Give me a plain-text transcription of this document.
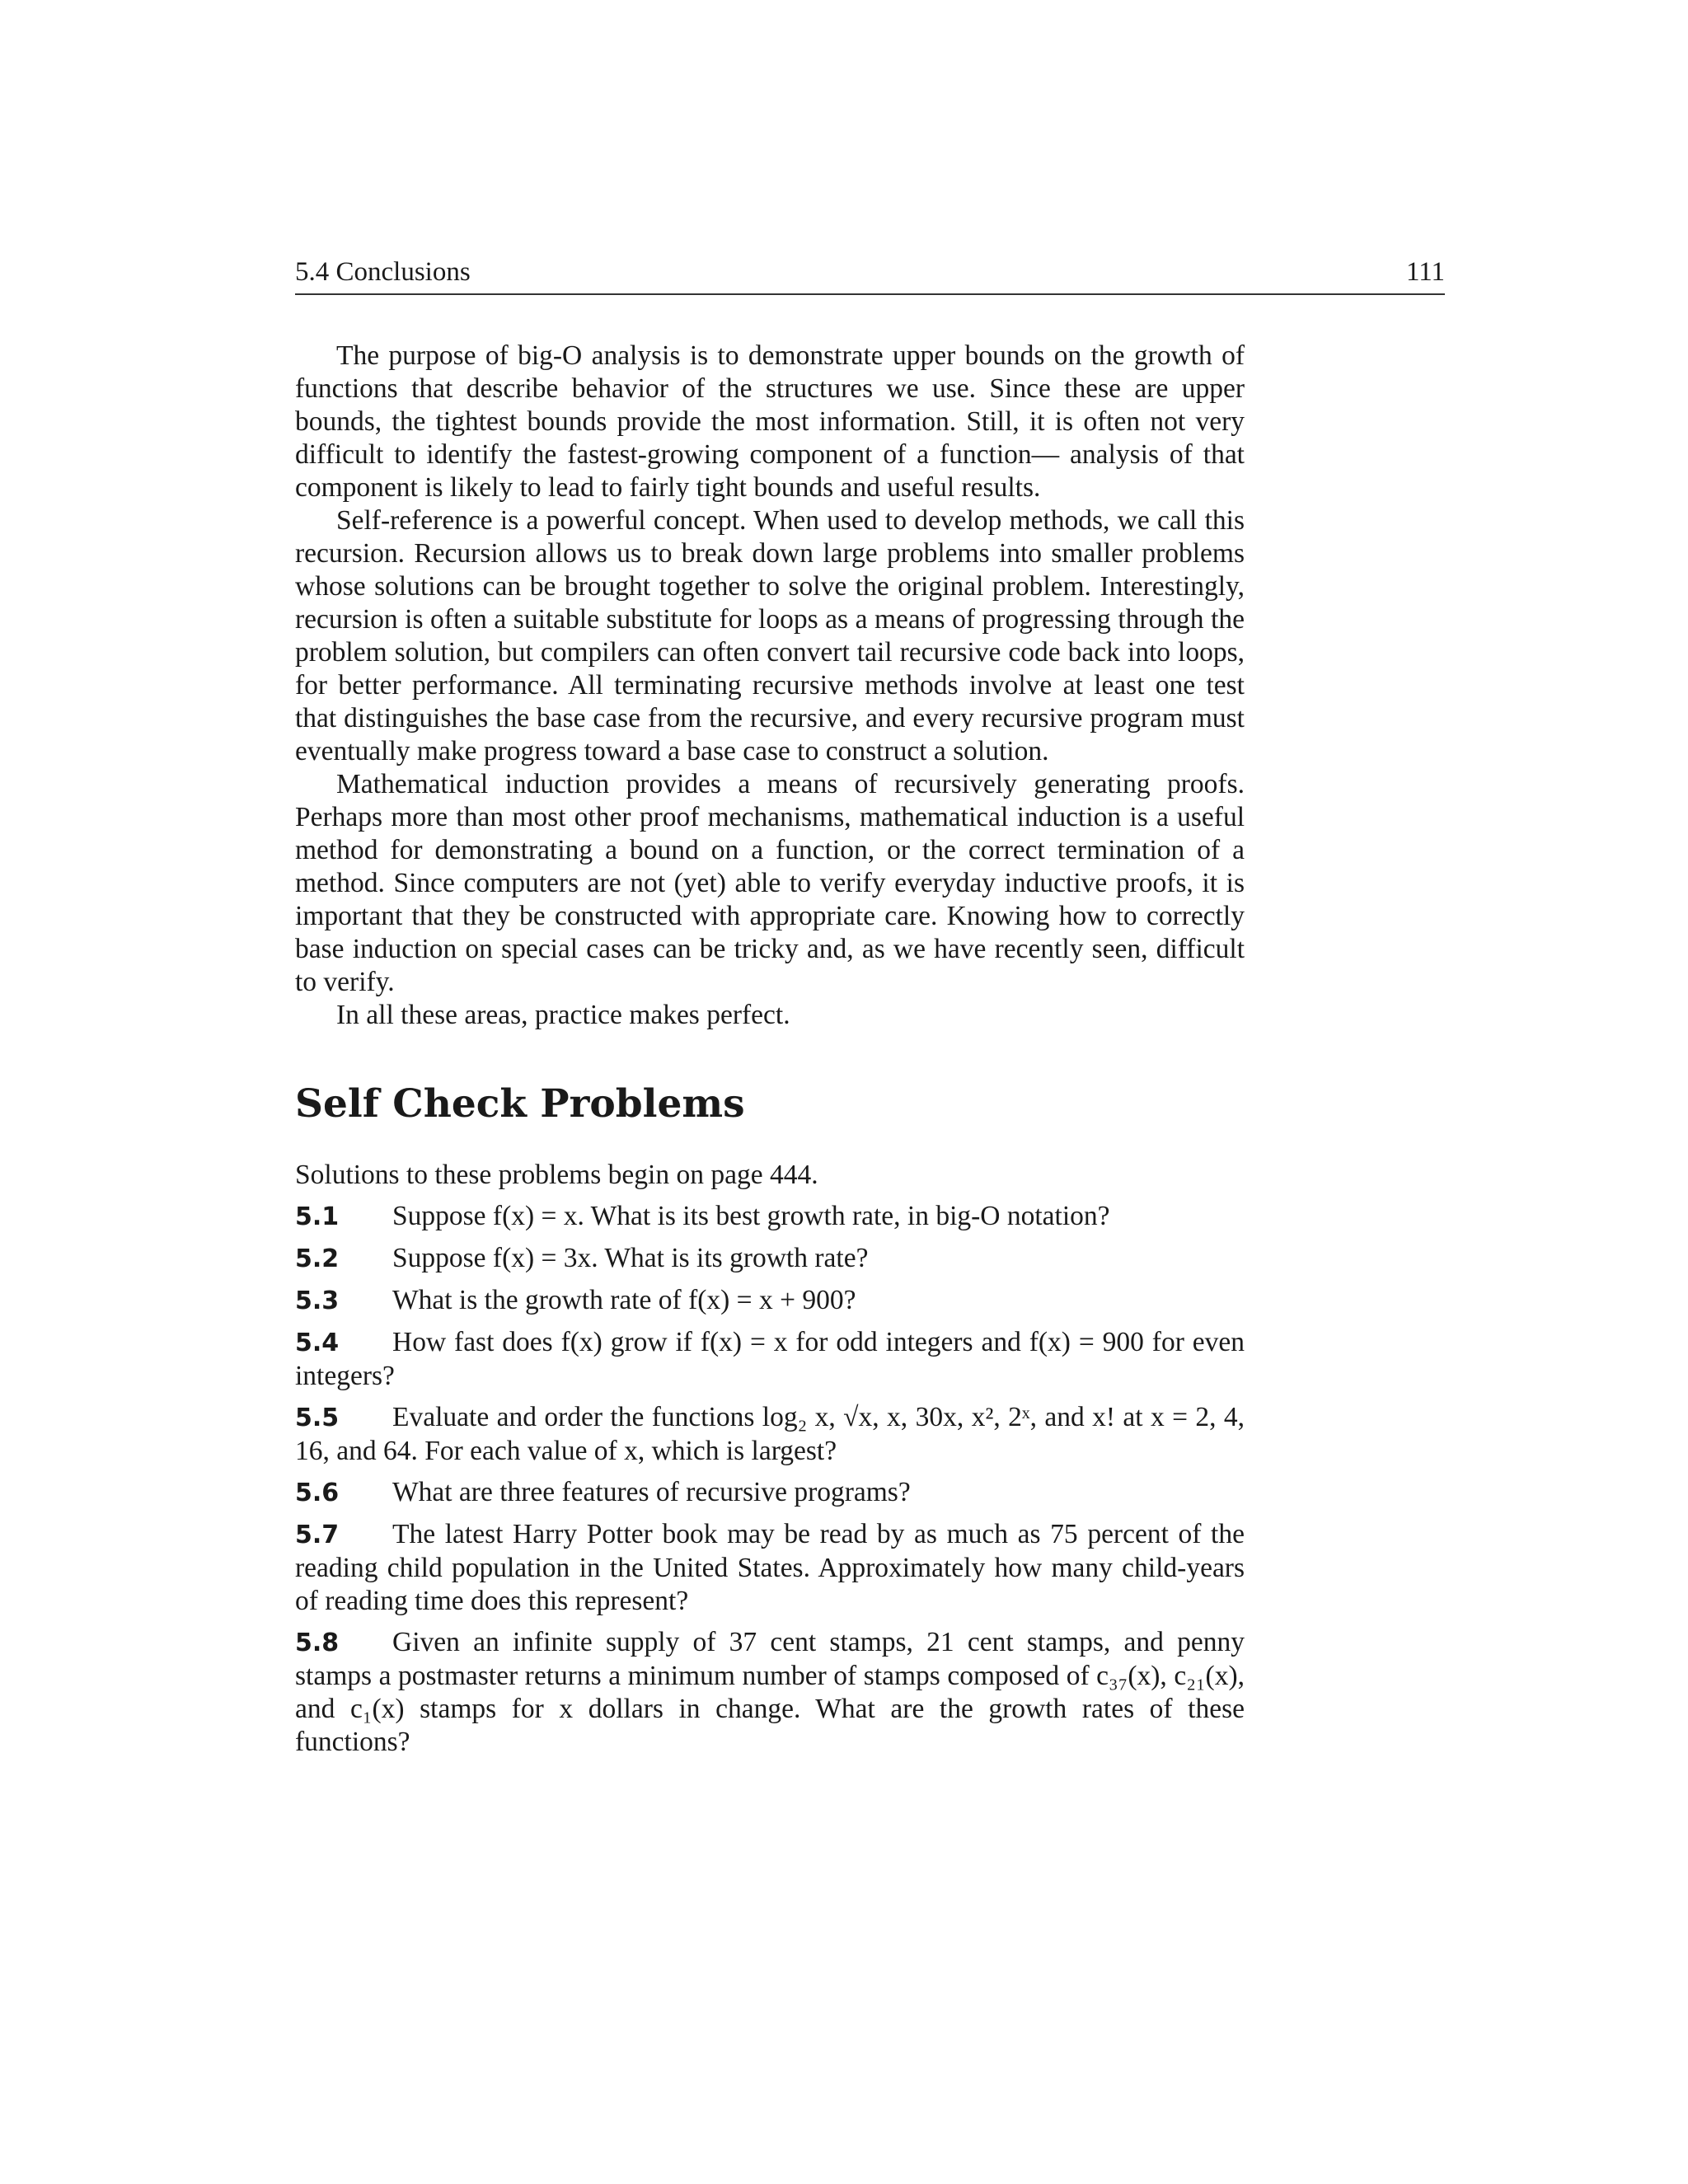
5.4 Conclusions	111

The purpose of big-O analysis is to demonstrate upper bounds on the growth of functions that describe behavior of the structures we use. Since these are upper bounds, the tightest bounds provide the most information. Still, it is often not very difficult to identify the fastest-growing component of a function— analysis of that component is likely to lead to fairly tight bounds and useful results.

Self-reference is a powerful concept. When used to develop methods, we call this recursion. Recursion allows us to break down large problems into smaller problems whose solutions can be brought together to solve the original problem. Interestingly, recursion is often a suitable substitute for loops as a means of progressing through the problem solution, but compilers can often convert tail recursive code back into loops, for better performance. All terminating recursive methods involve at least one test that distinguishes the base case from the recursive, and every recursive program must eventually make progress toward a base case to construct a solution.

Mathematical induction provides a means of recursively generating proofs. Perhaps more than most other proof mechanisms, mathematical induction is a useful method for demonstrating a bound on a function, or the correct termination of a method. Since computers are not (yet) able to verify everyday inductive proofs, it is important that they be constructed with appropriate care. Knowing how to correctly base induction on special cases can be tricky and, as we have recently seen, difficult to verify.

In all these areas, practice makes perfect.

Self Check Problems

Solutions to these problems begin on page 444.

5.1 Suppose f(x) = x. What is its best growth rate, in big-O notation?
5.2 Suppose f(x) = 3x. What is its growth rate?
5.3 What is the growth rate of f(x) = x + 900?
5.4 How fast does f(x) grow if f(x) = x for odd integers and f(x) = 900 for even integers?
5.5 Evaluate and order the functions log₂ x, √x, x, 30x, x², 2ˣ, and x! at x = 2, 4, 16, and 64. For each value of x, which is largest?
5.6 What are three features of recursive programs?
5.7 The latest Harry Potter book may be read by as much as 75 percent of the reading child population in the United States. Approximately how many child-years of reading time does this represent?
5.8 Given an infinite supply of 37 cent stamps, 21 cent stamps, and penny stamps a postmaster returns a minimum number of stamps composed of c₃₇(x), c₂₁(x), and c₁(x) stamps for x dollars in change. What are the growth rates of these functions?
